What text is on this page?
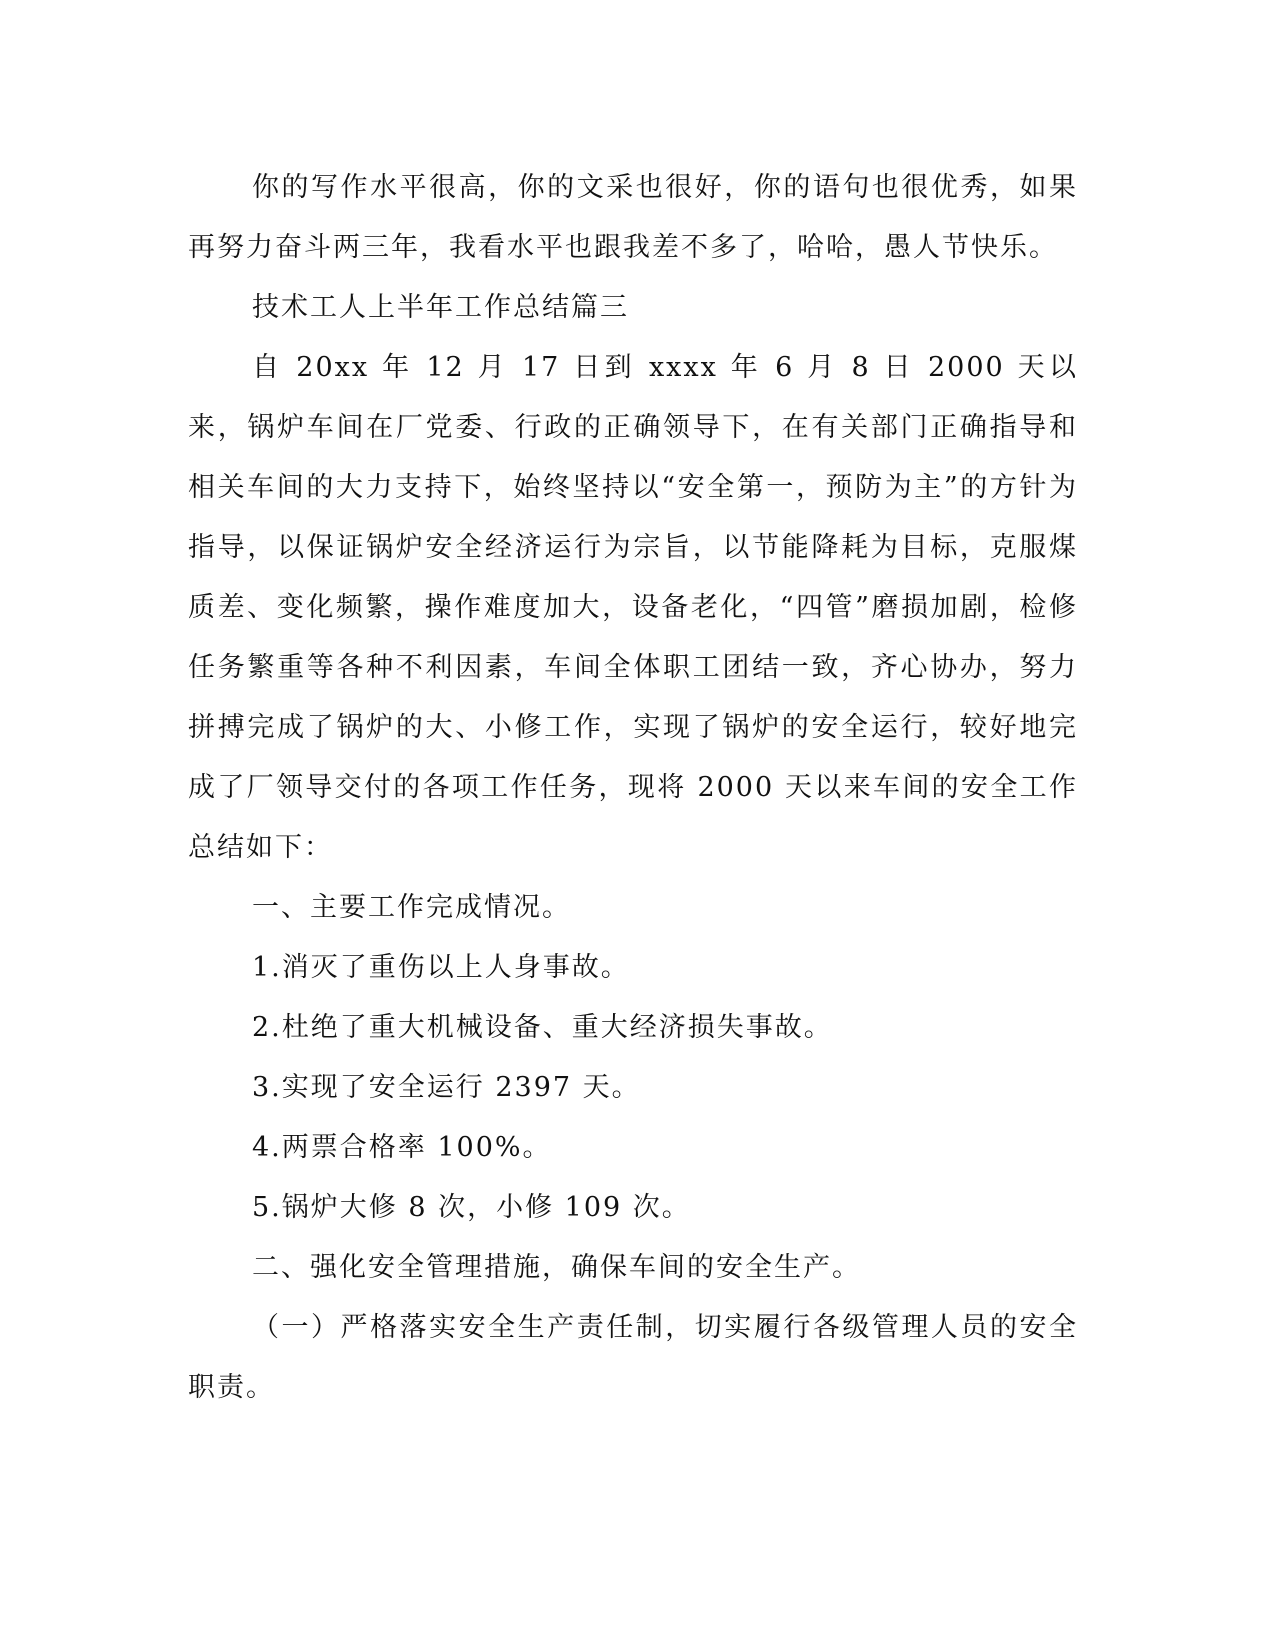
你的写作水平很高，你的文采也很好，你的语句也很优秀，如果再努力奋斗两三年，我看水平也跟我差不多了，哈哈，愚人节快乐。

技术工人上半年工作总结篇三

自 20xx 年 12 月 17 日到 xxxx 年 6 月 8 日 2000 天以来，锅炉车间在厂党委、行政的正确领导下，在有关部门正确指导和相关车间的大力支持下，始终坚持以“安全第一，预防为主”的方针为指导，以保证锅炉安全经济运行为宗旨，以节能降耗为目标，克服煤质差、变化频繁，操作难度加大，设备老化，“四管”磨损加剧，检修任务繁重等各种不利因素，车间全体职工团结一致，齐心协办，努力拼搏完成了锅炉的大、小修工作，实现了锅炉的安全运行，较好地完成了厂领导交付的各项工作任务，现将 2000 天以来车间的安全工作总结如下：

一、主要工作完成情况。

1.消灭了重伤以上人身事故。

2.杜绝了重大机械设备、重大经济损失事故。

3.实现了安全运行 2397 天。

4.两票合格率 100%。

5.锅炉大修 8 次，小修 109 次。

二、强化安全管理措施，确保车间的安全生产。

（一）严格落实安全生产责任制，切实履行各级管理人员的安全职责。
